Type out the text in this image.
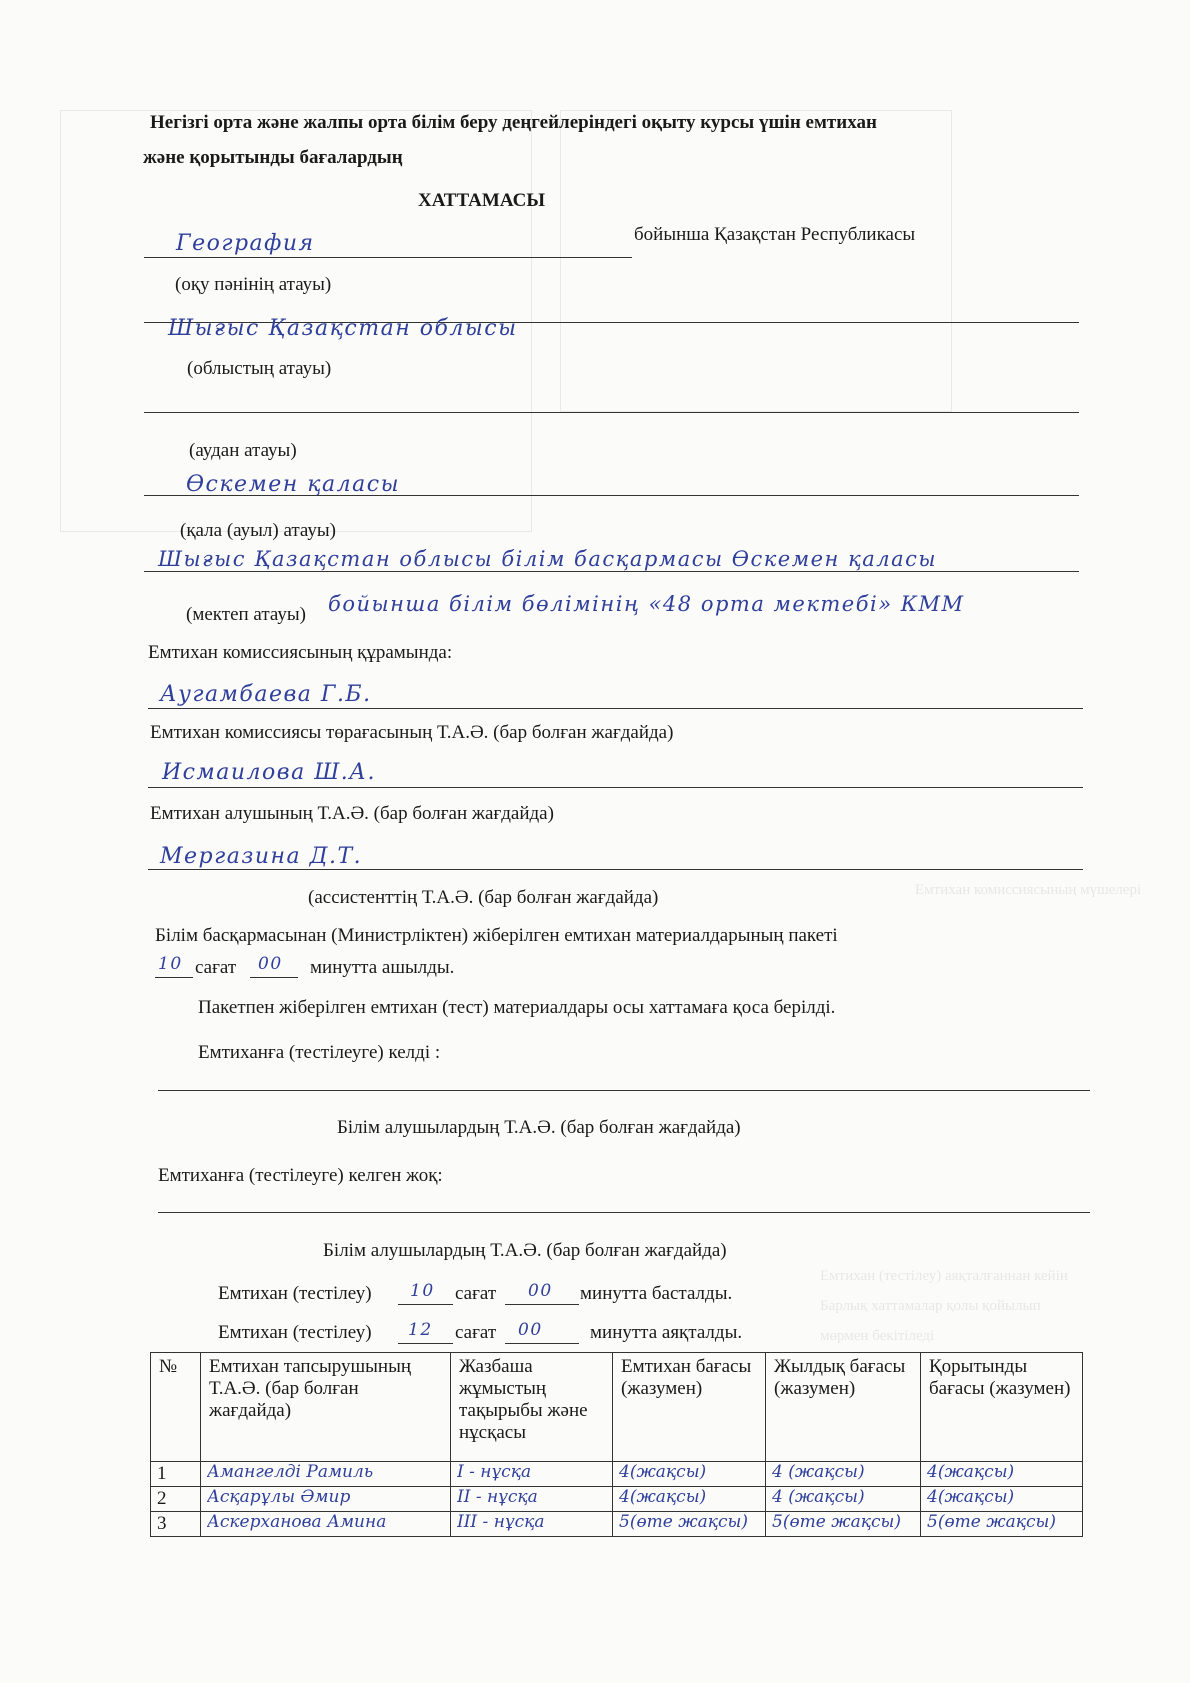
Емтихан комиссиясының мүшелері
Емтихан (тестілеу) аяқталғаннан кейін
Барлық хаттамалар қолы қойылып
мөрмен бекітіледі
Негізгі орта және жалпы орта білім беру деңгейлеріндегі оқыту курсы үшін емтихан
және қорытынды бағалардың
ХАТТАМАСЫ
География	бойынша Қазақстан Республикасы
(оқу пәнінің атауы)
Шығыс Қазақстан облысы
(облыстың атауы)
(аудан атауы)
Өскемен қаласы
(қала (ауыл) атауы)
Шығыс Қазақстан облысы білім басқармасы Өскемен қаласы
(мектеп атауы) бойынша білім бөлімінің «48 орта мектебі» КММ
Емтихан комиссиясының құрамында:
Аугамбаева Г.Б.
Емтихан комиссиясы төрағасының Т.А.Ә. (бар болған жағдайда)
Исмаилова Ш.А.
Емтихан алушының Т.А.Ә. (бар болған жағдайда)
Мергазина Д.Т.
(ассистенттің Т.А.Ә. (бар болған жағдайда)
Білім басқармасынан (Министрліктен) жіберілген емтихан материалдарының пакеті
10 сағат 00 минутта ашылды.
Пакетпен жіберілген емтихан (тест) материалдары осы хаттамаға қоса берілді.
Емтиханға (тестілеуге) келді :
Білім алушылардың Т.А.Ә. (бар болған жағдайда)
Емтиханға (тестілеуге) келген жоқ:
Білім алушылардың Т.А.Ә. (бар болған жағдайда)
Емтихан (тестілеу) 10 сағат 00 минутта басталды.
Емтихан (тестілеу) 12 сағат 00 минутта аяқталды.
№	Емтихан тапсырушының Т.А.Ә. (бар болған жағдайда)	Жазбаша жұмыстың тақырыбы және нұсқасы	Емтихан бағасы (жазумен)	Жылдық бағасы (жазумен)	Қорытынды бағасы (жазумен)
1	Амангелді Рамиль	I - нұсқа	4(жақсы)	4 (жақсы)	4(жақсы)

2	Асқарұлы Әмир	II - нұсқа	4(жақсы)	4 (жақсы)	4(жақсы)

3	Аскерханова Амина	III - нұсқа	5(өте жақсы)	5(өте жақсы)	5(өте жақсы)
